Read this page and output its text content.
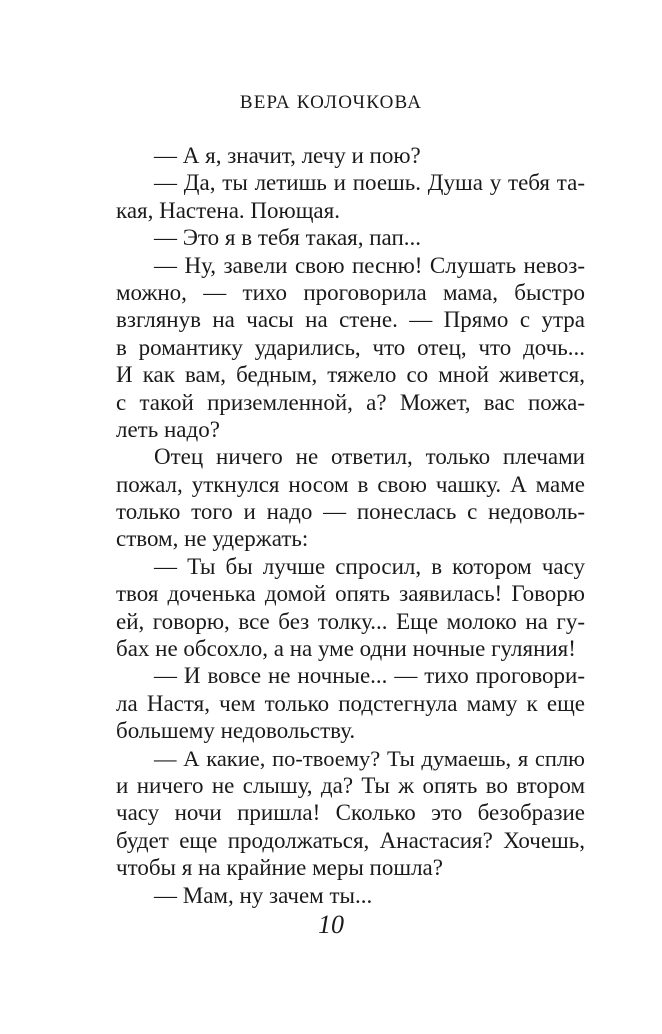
ВЕРА КОЛОЧКОВА
— А я, значит, лечу и пою?
— Да, ты летишь и поешь. Душа у тебя та-
кая, Настена. Поющая.
— Это я в тебя такая, пап...
— Ну, завели свою песню! Слушать невоз-
можно, — тихо проговорила мама, быстро
взглянув на часы на стене. — Прямо с утра
в романтику ударились, что отец, что дочь...
И как вам, бедным, тяжело со мной живется,
с такой приземленной, а? Может, вас пожа-
леть надо?
Отец ничего не ответил, только плечами
пожал, уткнулся носом в свою чашку. А маме
только того и надо — понеслась с недоволь-
ством, не удержать:
— Ты бы лучше спросил, в котором часу
твоя доченька домой опять заявилась! Говорю
ей, говорю, все без толку... Еще молоко на гу-
бах не обсохло, а на уме одни ночные гуляния!
— И вовсе не ночные... — тихо проговори-
ла Настя, чем только подстегнула маму к еще
большему недовольству.
— А какие, по-твоему? Ты думаешь, я сплю
и ничего не слышу, да? Ты ж опять во втором
часу ночи пришла! Сколько это безобразие
будет еще продолжаться, Анастасия? Хочешь,
чтобы я на крайние меры пошла?
— Мам, ну зачем ты...
10
